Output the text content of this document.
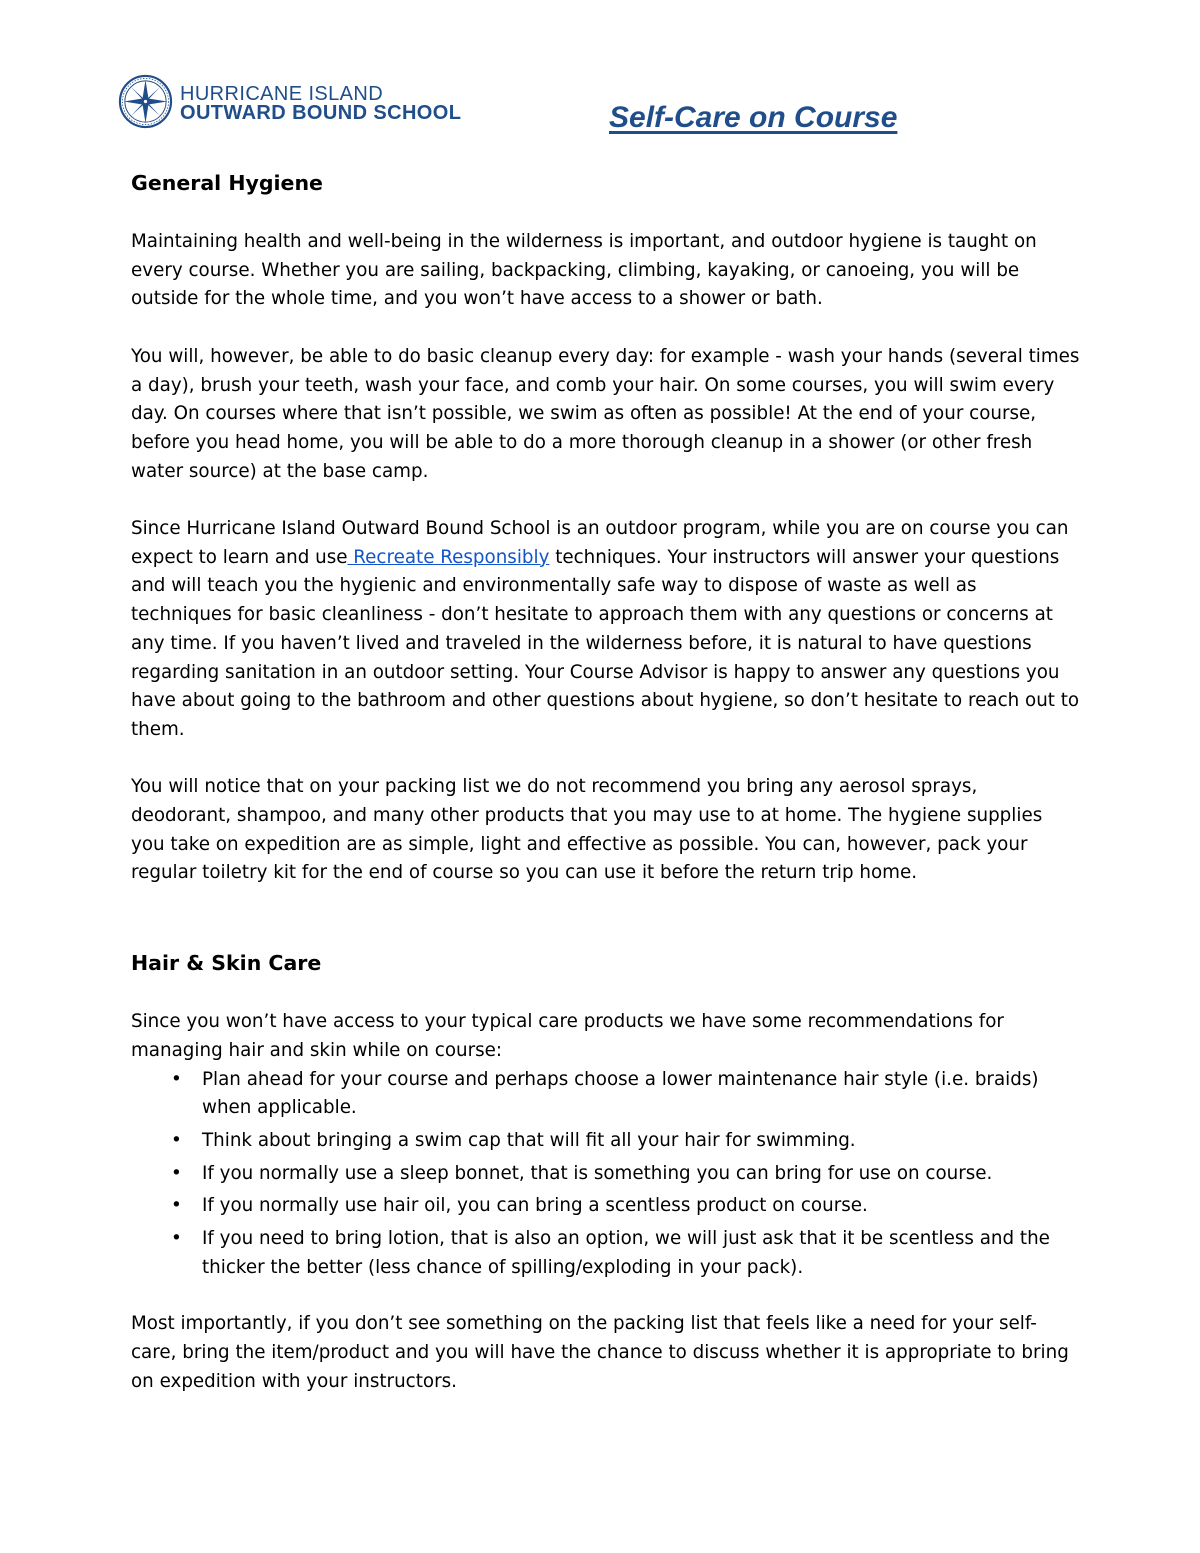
HURRICANE ISLAND
OUTWARD BOUND SCHOOL	Self-Care on Course
General Hygiene

Maintaining health and well-being in the wilderness is important, and outdoor hygiene is taught on every course. Whether you are sailing, backpacking, climbing, kayaking, or canoeing, you will be outside for the whole time, and you won’t have access to a shower or bath.

You will, however, be able to do basic cleanup every day: for example - wash your hands (several times a day), brush your teeth, wash your face, and comb your hair. On some courses, you will swim every day. On courses where that isn’t possible, we swim as often as possible! At the end of your course, before you head home, you will be able to do a more thorough cleanup in a shower (or other fresh water source) at the base camp.

Since Hurricane Island Outward Bound School is an outdoor program, while you are on course you can expect to learn and use Recreate Responsibly techniques. Your instructors will answer your questions and will teach you the hygienic and environmentally safe way to dispose of waste as well as techniques for basic cleanliness - don’t hesitate to approach them with any questions or concerns at any time. If you haven’t lived and traveled in the wilderness before, it is natural to have questions regarding sanitation in an outdoor setting. Your Course Advisor is happy to answer any questions you have about going to the bathroom and other questions about hygiene, so don’t hesitate to reach out to them.

You will notice that on your packing list we do not recommend you bring any aerosol sprays, deodorant, shampoo, and many other products that you may use to at home. The hygiene supplies you take on expedition are as simple, light and effective as possible. You can, however, pack your regular toiletry kit for the end of course so you can use it before the return trip home.

Hair & Skin Care

Since you won’t have access to your typical care products we have some recommendations for managing hair and skin while on course:

• Plan ahead for your course and perhaps choose a lower maintenance hair style (i.e. braids) when applicable.
• Think about bringing a swim cap that will fit all your hair for swimming.
• If you normally use a sleep bonnet, that is something you can bring for use on course.
• If you normally use hair oil, you can bring a scentless product on course.
• If you need to bring lotion, that is also an option, we will just ask that it be scentless and the thicker the better (less chance of spilling/exploding in your pack).

Most importantly, if you don’t see something on the packing list that feels like a need for your self-care, bring the item/product and you will have the chance to discuss whether it is appropriate to bring on expedition with your instructors.
